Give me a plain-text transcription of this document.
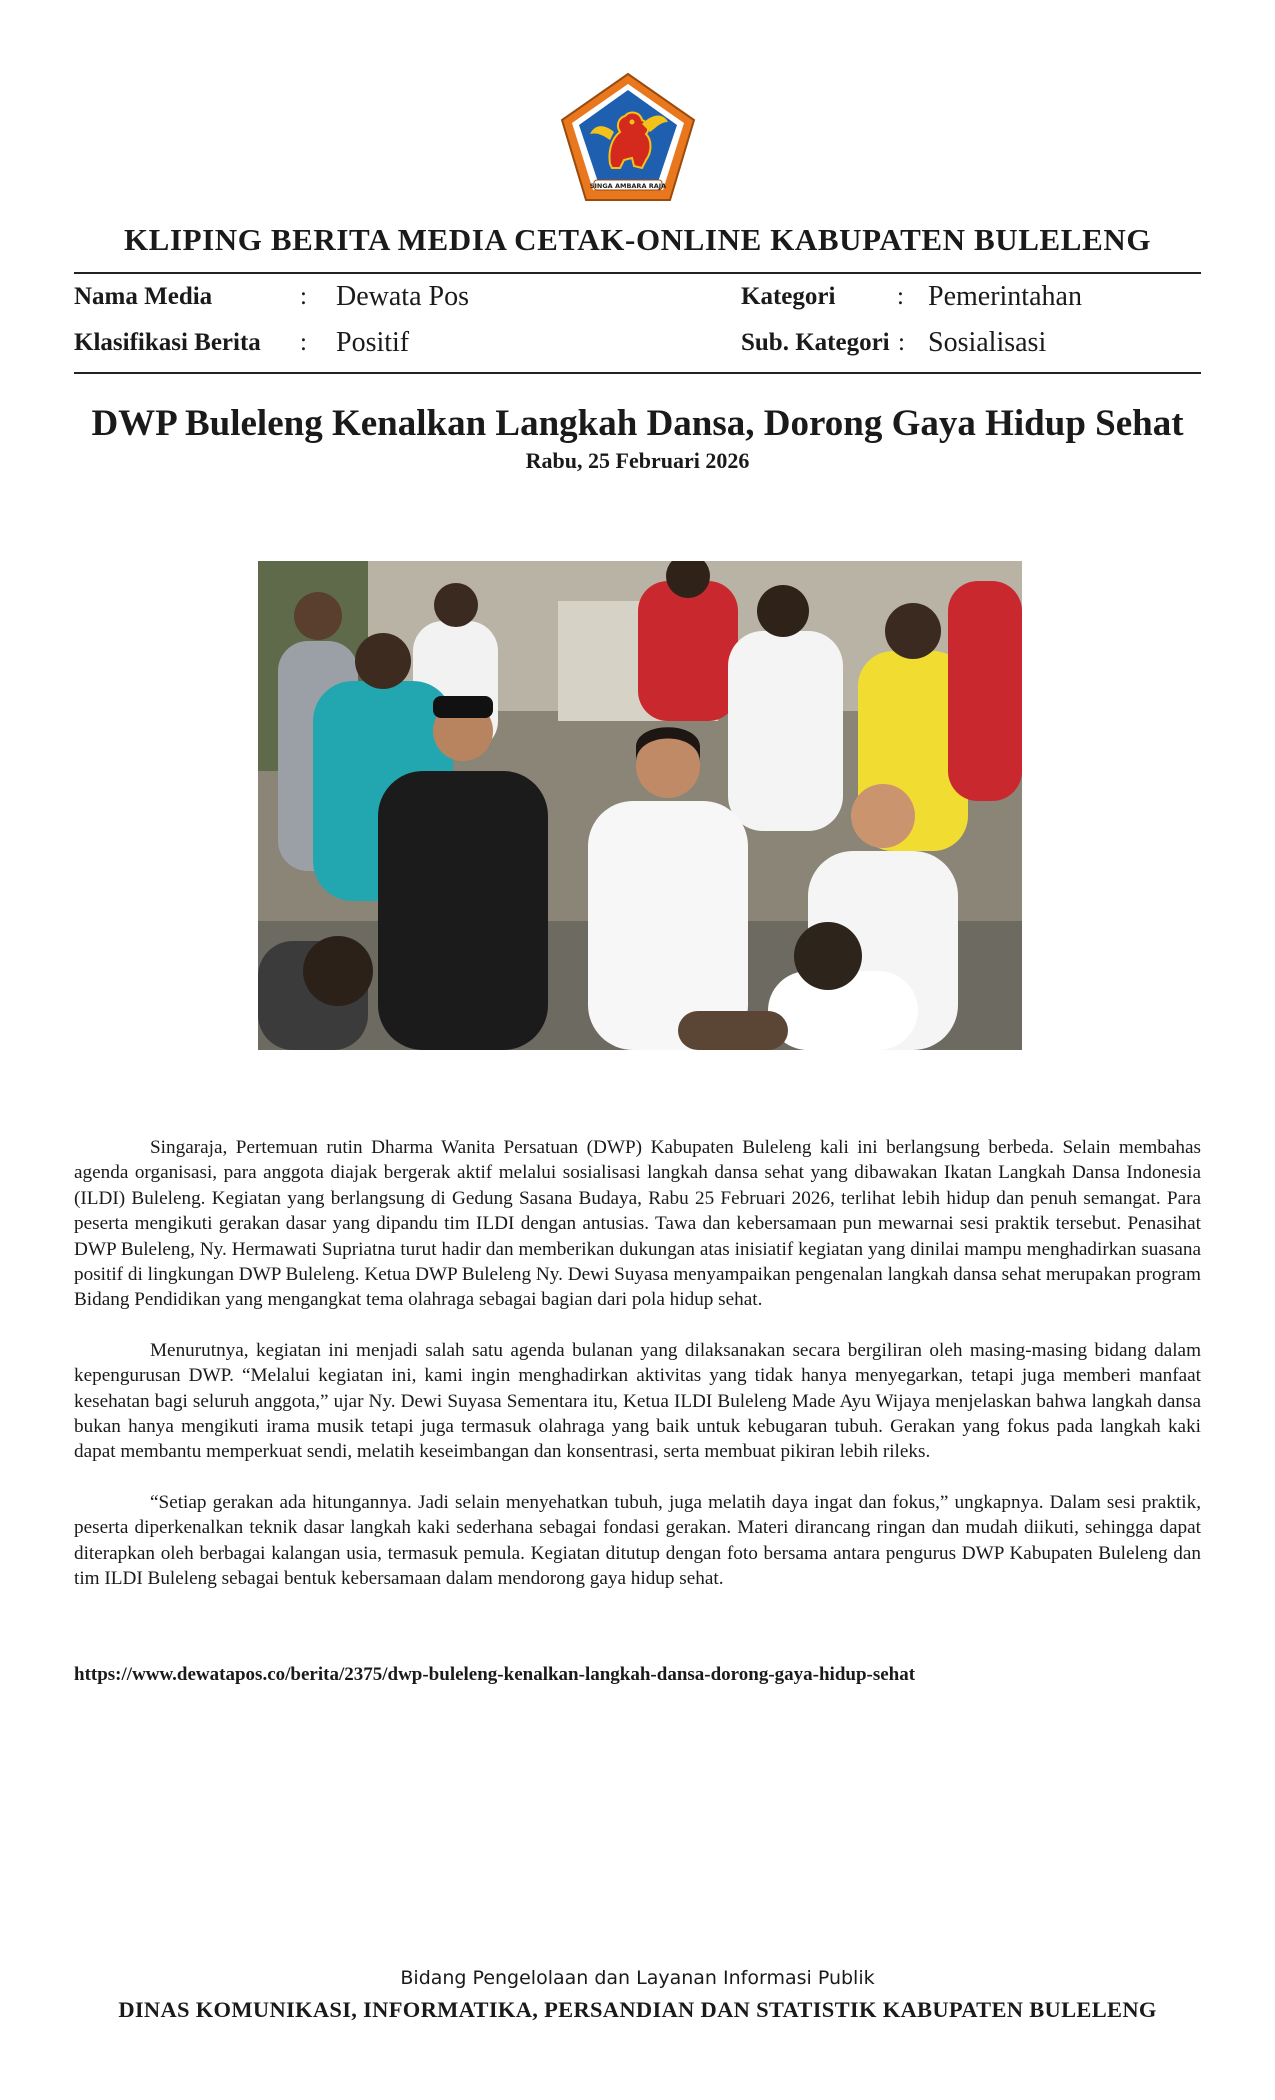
SINGA AMBARA RAJA
KLIPING BERITA MEDIA CETAK-ONLINE KABUPATEN BULELENG
Nama Media	: Dewata Pos
Klasifikasi Berita : Positif
Kategori : Pemerintahan
Sub. Kategori : Sosialisasi
DWP Buleleng Kenalkan Langkah Dansa, Dorong Gaya Hidup Sehat
Rabu, 25 Februari 2026

Singaraja, Pertemuan rutin Dharma Wanita Persatuan (DWP) Kabupaten Buleleng kali ini berlangsung berbeda. Selain membahas agenda organisasi, para anggota diajak bergerak aktif melalui sosialisasi langkah dansa sehat yang dibawakan Ikatan Langkah Dansa Indonesia (ILDI) Buleleng. Kegiatan yang berlangsung di Gedung Sasana Budaya, Rabu 25 Februari 2026, terlihat lebih hidup dan penuh semangat. Para peserta mengikuti gerakan dasar yang dipandu tim ILDI dengan antusias. Tawa dan kebersamaan pun mewarnai sesi praktik tersebut. Penasihat DWP Buleleng, Ny. Hermawati Supriatna turut hadir dan memberikan dukungan atas inisiatif kegiatan yang dinilai mampu menghadirkan suasana positif di lingkungan DWP Buleleng. Ketua DWP Buleleng Ny. Dewi Suyasa menyampaikan pengenalan langkah dansa sehat merupakan program Bidang Pendidikan yang mengangkat tema olahraga sebagai bagian dari pola hidup sehat.

Menurutnya, kegiatan ini menjadi salah satu agenda bulanan yang dilaksanakan secara bergiliran oleh masing-masing bidang dalam kepengurusan DWP. “Melalui kegiatan ini, kami ingin menghadirkan aktivitas yang tidak hanya menyegarkan, tetapi juga memberi manfaat kesehatan bagi seluruh anggota,” ujar Ny. Dewi Suyasa Sementara itu, Ketua ILDI Buleleng Made Ayu Wijaya menjelaskan bahwa langkah dansa bukan hanya mengikuti irama musik tetapi juga termasuk olahraga yang baik untuk kebugaran tubuh. Gerakan yang fokus pada langkah kaki dapat membantu memperkuat sendi, melatih keseimbangan dan konsentrasi, serta membuat pikiran lebih rileks.

“Setiap gerakan ada hitungannya. Jadi selain menyehatkan tubuh, juga melatih daya ingat dan fokus,” ungkapnya. Dalam sesi praktik, peserta diperkenalkan teknik dasar langkah kaki sederhana sebagai fondasi gerakan. Materi dirancang ringan dan mudah diikuti, sehingga dapat diterapkan oleh berbagai kalangan usia, termasuk pemula. Kegiatan ditutup dengan foto bersama antara pengurus DWP Kabupaten Buleleng dan tim ILDI Buleleng sebagai bentuk kebersamaan dalam mendorong gaya hidup sehat.

https://www.dewatapos.co/berita/2375/dwp-buleleng-kenalkan-langkah-dansa-dorong-gaya-hidup-sehat
Bidang Pengelolaan dan Layanan Informasi Publik
DINAS KOMUNIKASI, INFORMATIKA, PERSANDIAN DAN STATISTIK KABUPATEN BULELENG
